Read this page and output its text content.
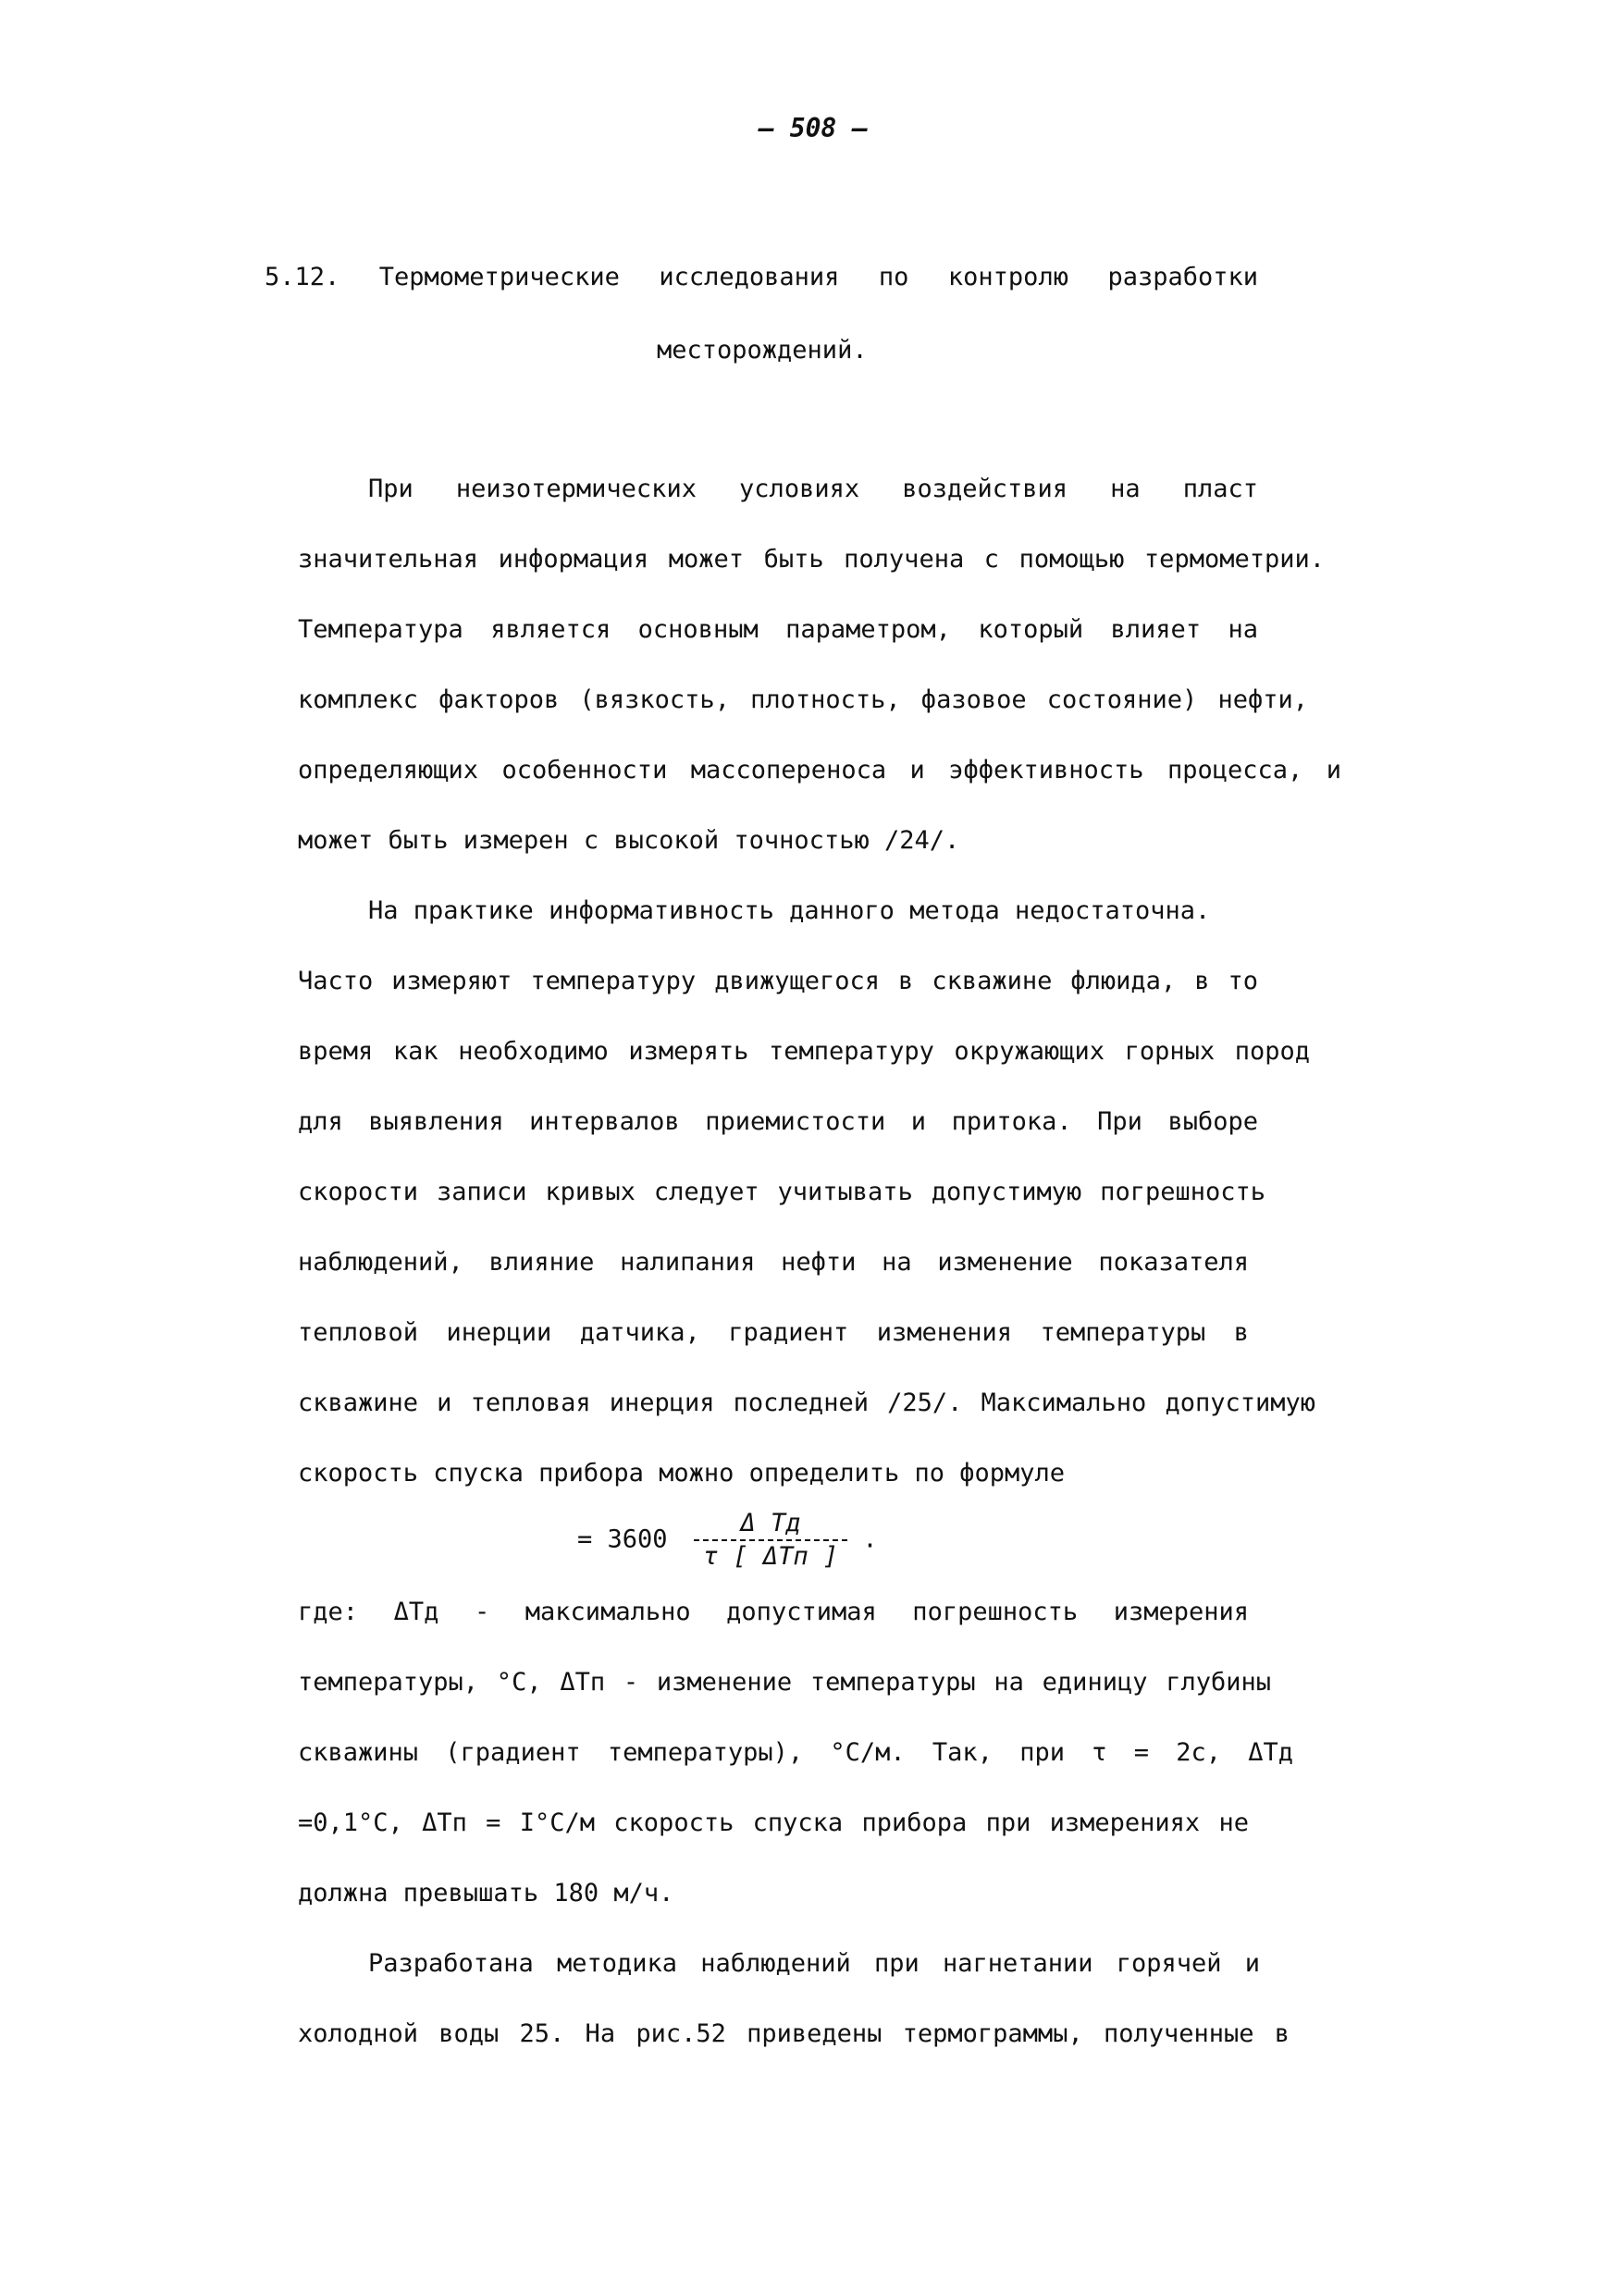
— 508 —
5.12. Термометрические исследования по контролю разработки
месторождений.
При неизотермических условиях воздействия на пласт
значительная информация может быть получена с помощью термометрии.
Температура является основным параметром, который влияет на
комплекс факторов (вязкость, плотность, фазовое состояние) нефти,
определяющих особенности массопереноса и эффективность процесса, и
может быть измерен с высокой точностью /24/.
На практике информативность данного метода недостаточна.
Часто измеряют температуру движущегося в скважине флюида, в то
время как необходимо измерять температуру окружающих горных пород
для выявления интервалов приемистости и притока. При выборе
скорости записи кривых следует учитывать допустимую погрешность
наблюдений, влияние налипания нефти на изменение показателя
тепловой инерции датчика, градиент изменения температуры в
скважине и тепловая инерция последней /25/. Максимально допустимую
скорость спуска прибора можно определить по формуле
= $3600 \frac{\text{Δ Tд}}{\text{τ [ ΔTп ]}}$ .
где: ΔTд - максимально допустимая погрешность измерения
температуры, °С, ΔTп - изменение температуры на единицу глубины
скважины (градиент температуры), °С/м. Так, при τ = 2с, ΔTд
=0,1°С, ΔTп = I°С/м скорость спуска прибора при измерениях не
должна превышать 180 м/ч.
Разработана методика наблюдений при нагнетании горячей и
холодной воды 25. На рис.52 приведены термограммы, полученные в
